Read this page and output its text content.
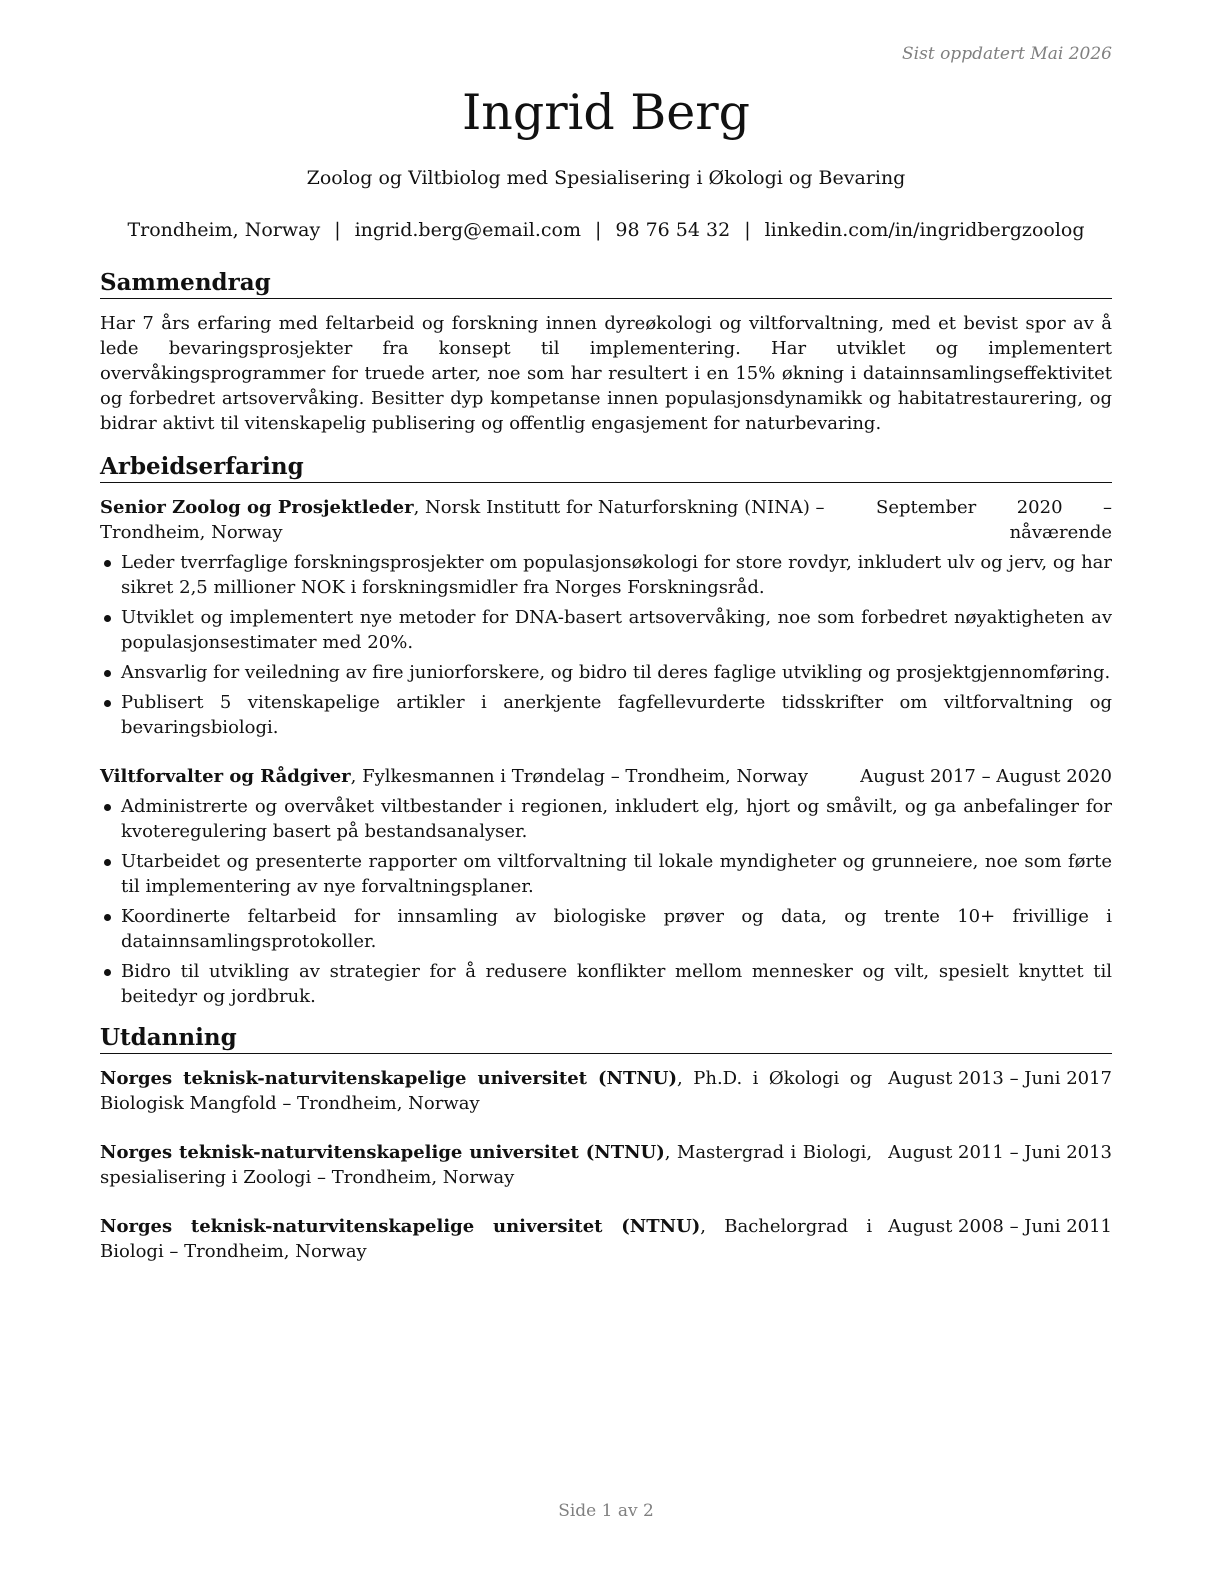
Sist oppdatert Mai 2026
Ingrid Berg
Zoolog og Viltbiolog med Spesialisering i Økologi og Bevaring
Trondheim, Norway | ingrid.berg@email.com | 98 76 54 32 | linkedin.com/in/ingridbergzoolog
Sammendrag

Har 7 års erfaring med feltarbeid og forskning innen dyreøkologi og viltforvaltning, med et bevist spor av å lede bevaringsprosjekter fra konsept til implementering. Har utviklet og implementert overvåkingsprogrammer for truede arter, noe som har resultert i en 15% økning i datainnsamlingseffektivitet og forbedret artsovervåking. Besitter dyp kompetanse innen populasjonsdynamikk og habitatrestaurering, og bidrar aktivt til vitenskapelig publisering og offentlig engasjement for naturbevaring.

Arbeidserfaring
Senior Zoolog og Prosjektleder, Norsk Institutt for Naturforskning (NINA) – Trondheim, Norway
September 2020 – nåværende
Leder tverrfaglige forskningsprosjekter om populasjonsøkologi for store rovdyr, inkludert ulv og jerv, og har sikret 2,5 millioner NOK i forskningsmidler fra Norges Forskningsråd.
Utviklet og implementert nye metoder for DNA-basert artsovervåking, noe som forbedret nøyaktigheten av populasjonsestimater med 20%.
Ansvarlig for veiledning av fire juniorforskere, og bidro til deres faglige utvikling og prosjektgjennomføring.
Publisert 5 vitenskapelige artikler i anerkjente fagfellevurderte tidsskrifter om viltforvaltning og bevaringsbiologi.
Viltforvalter og Rådgiver, Fylkesmannen i Trøndelag – Trondheim, Norway	August 2017 – August 2020
Administrerte og overvåket viltbestander i regionen, inkludert elg, hjort og småvilt, og ga anbefalinger for kvoteregulering basert på bestandsanalyser.
Utarbeidet og presenterte rapporter om viltforvaltning til lokale myndigheter og grunneiere, noe som førte til implementering av nye forvaltningsplaner.
Koordinerte feltarbeid for innsamling av biologiske prøver og data, og trente 10+ frivillige i datainnsamlingsprotokoller.
Bidro til utvikling av strategier for å redusere konflikter mellom mennesker og vilt, spesielt knyttet til beitedyr og jordbruk.
Utdanning
Norges teknisk-naturvitenskapelige universitet (NTNU), Ph.D. i Økologi og Biologisk Mangfold – Trondheim, Norway
August 2013 – Juni 2017
Norges teknisk-naturvitenskapelige universitet (NTNU), Mastergrad i Biologi, spesialisering i Zoologi – Trondheim, Norway
August 2011 – Juni 2013
Norges teknisk-naturvitenskapelige universitet (NTNU), Bachelorgrad i Biologi – Trondheim, Norway
August 2008 – Juni 2011
Side 1 av 2
